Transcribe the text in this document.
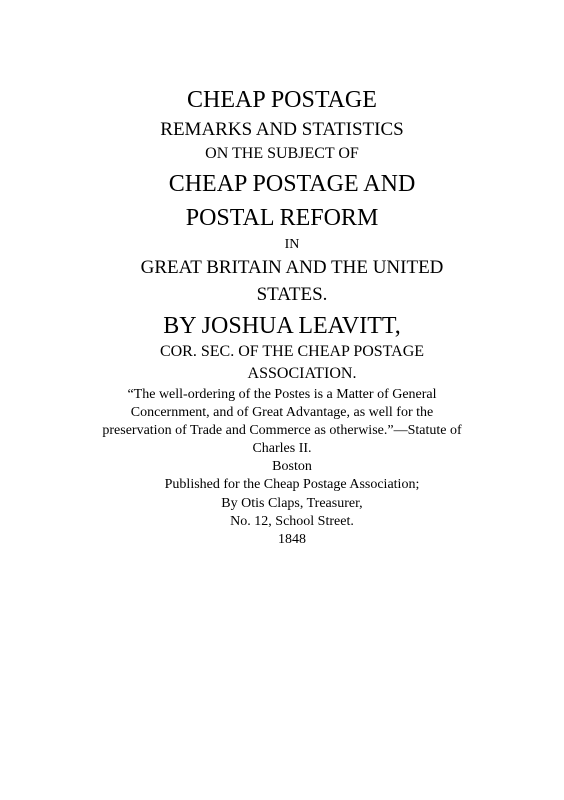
CHEAP POSTAGE
REMARKS AND STATISTICS
ON THE SUBJECT OF
CHEAP POSTAGE AND
POSTAL REFORM
IN
GREAT BRITAIN AND THE UNITED
STATES.
BY JOSHUA LEAVITT,
COR. SEC. OF THE CHEAP POSTAGE
ASSOCIATION.
“The well-ordering of the Postes is a Matter of General
Concernment, and of Great Advantage, as well for the
preservation of Trade and Commerce as otherwise.”—Statute of
Charles II.
Boston
Published for the Cheap Postage Association;
By Otis Claps, Treasurer,
No. 12, School Street.
1848
